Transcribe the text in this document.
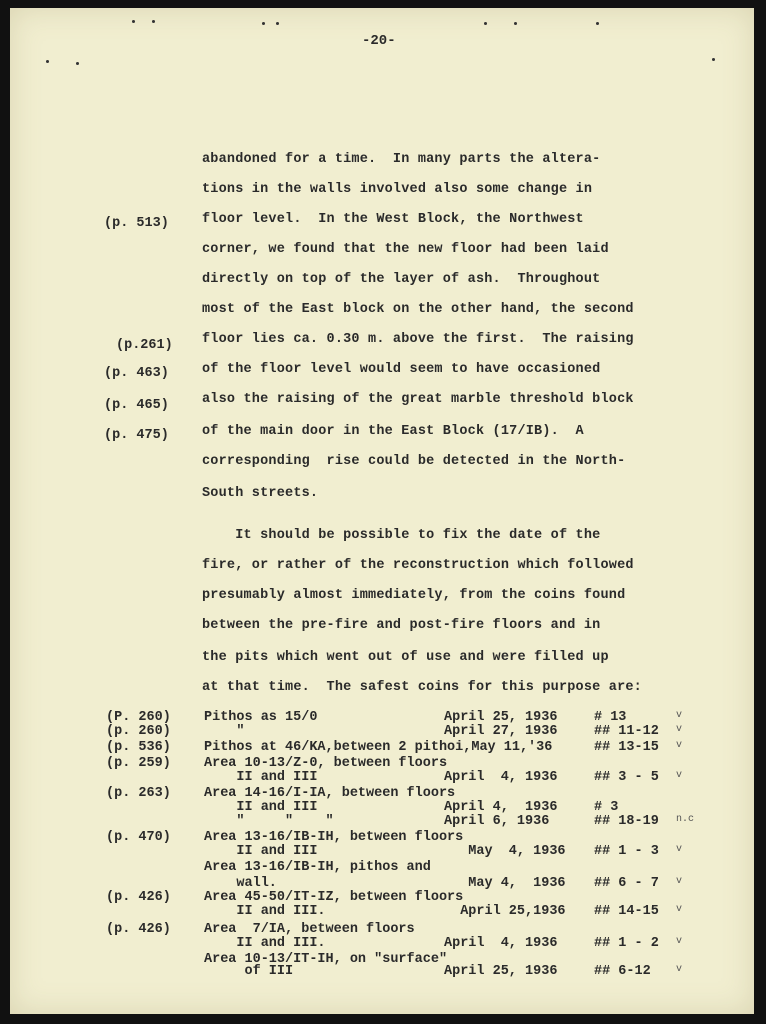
-20-
abandoned for a time.  In many parts the altera-
tions in the walls involved also some change in
floor level.  In the West Block, the Northwest
corner, we found that the new floor had been laid
directly on top of the layer of ash.  Throughout
most of the East block on the other hand, the second
floor lies ca. 0.30 m. above the first.  The raising
of the floor level would seem to have occasioned
also the raising of the great marble threshold block
of the main door in the East Block (17/IB).  A
corresponding  rise could be detected in the North-
South streets.
(p. 513)
(p.261)
(p. 463)
(p. 465)
(p. 475)
It should be possible to fix the date of the
fire, or rather of the reconstruction which followed
presumably almost immediately, from the coins found
between the pre-fire and post-fire floors and in
the pits which went out of use and were filled up
at that time.  The safest coins for this purpose are:
(P. 260) Pithos as 15/0	April 25, 1936	# 13	v
(p. 260) "	April 27, 1936	## 11-12 v
(p. 536) Pithos at 46/KA,between 2 pithoi,May 11,'36	## 13-15 v
(p. 259) Area 10-13/Z-0, between floors
II and III	April  4, 1936	## 3 - 5 v
(p. 263) Area 14-16/I-IA, between floors
II and III	April 4,  1936	# 3
"     "    "	April 6, 1936	## 18-19 n.c
(p. 470) Area 13-16/IB-IH, between floors
II and III	May  4, 1936 ## 1 - 3 v
Area 13-16/IB-IH, pithos and
wall.	May 4,  1936 ## 6 - 7 v
(p. 426) Area 45-50/IT-IZ, between floors
II and III.	April 25,1936 ## 14-15 v
(p. 426) Area  7/IA, between floors
II and III.	April  4, 1936	## 1 - 2 v
Area 10-13/IT-IH, on "surface"
of III	April 25, 1936	## 6-12	v
